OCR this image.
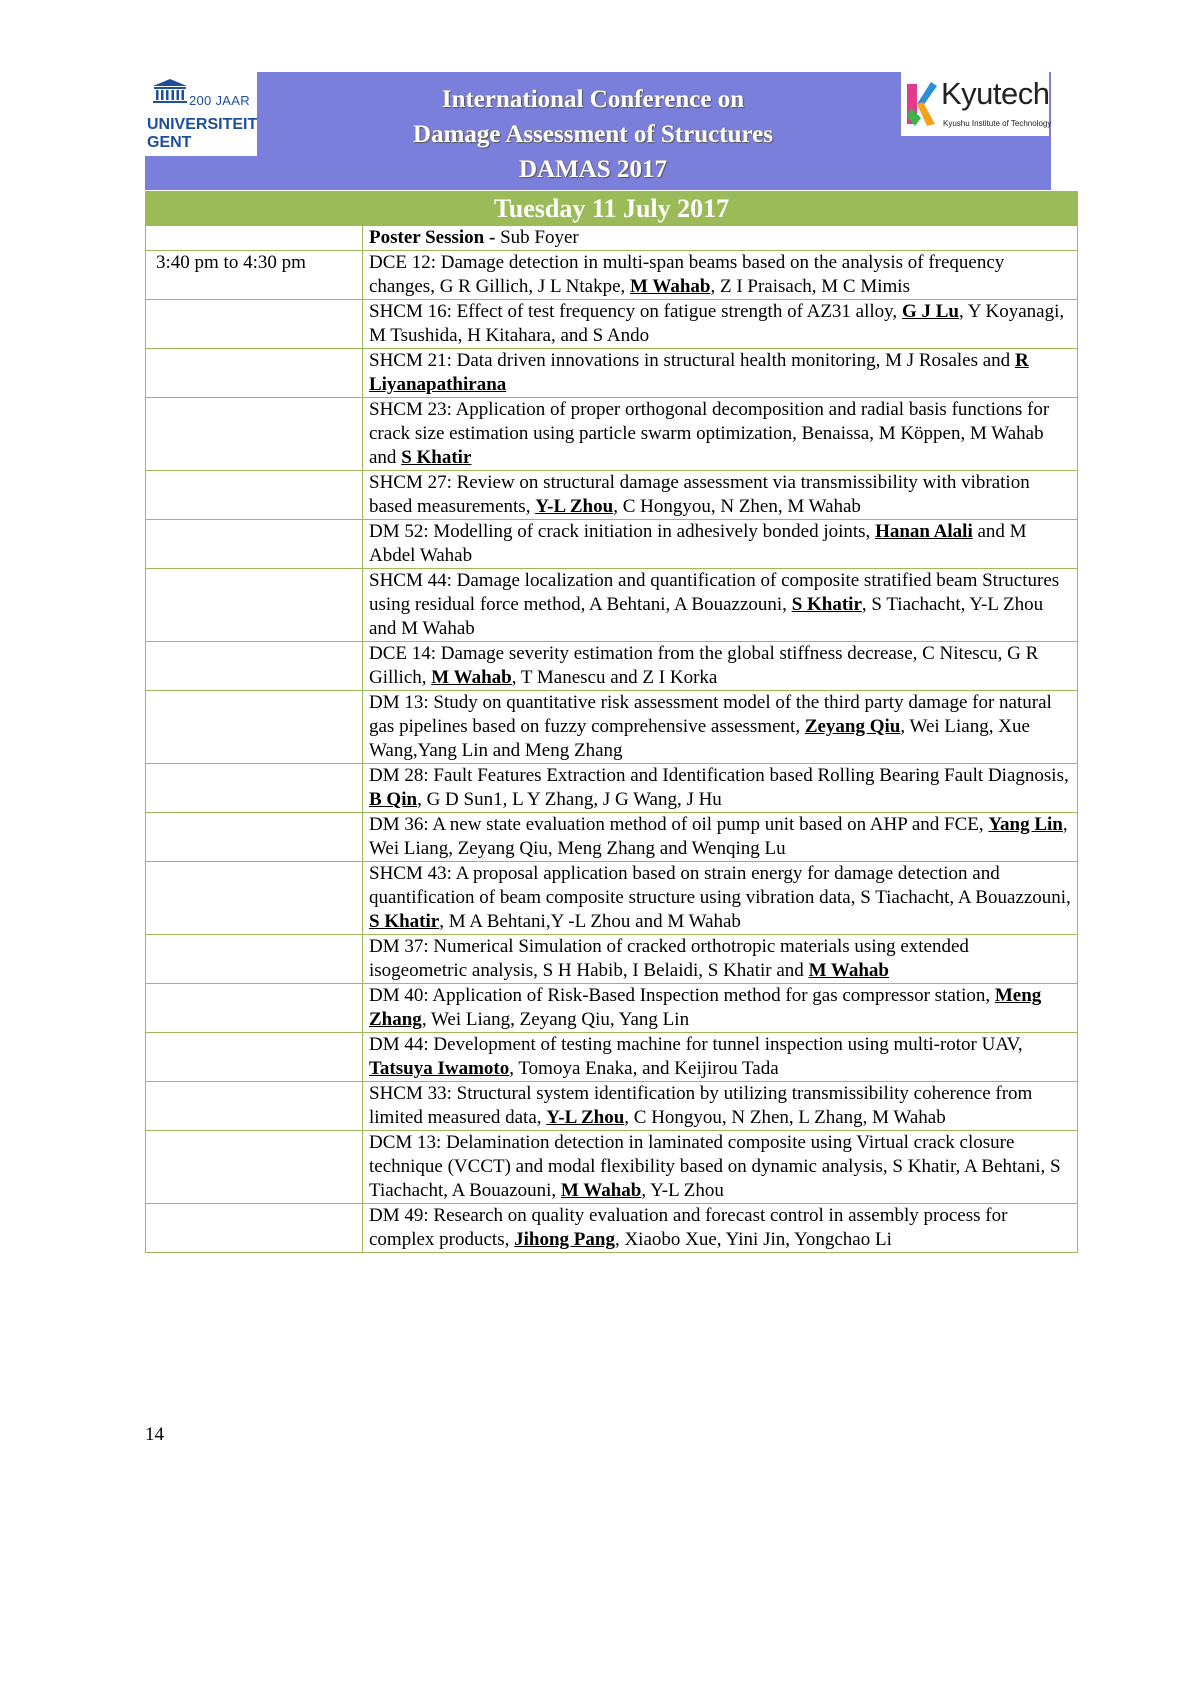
200 JAAR
UNIVERSITEIT
GENT
International Conference on
Damage Assessment of Structures
DAMAS 2017
Kyutech
Kyushu Institute of Technology
Tuesday 11 July 2017
	Poster Session - Sub Foyer
3:40 pm to 4:30 pm	DCE 12: Damage detection in multi-span beams based on the analysis of frequency changes, G R Gillich, J L Ntakpe, M Wahab, Z I Praisach, M C Mimis
	SHCM 16: Effect of test frequency on fatigue strength of AZ31 alloy, G J Lu, Y Koyanagi, M Tsushida, H Kitahara, and S Ando
	SHCM 21: Data driven innovations in structural health monitoring, M J Rosales and R Liyanapathirana
	SHCM 23: Application of proper orthogonal decomposition and radial basis functions for crack size estimation using particle swarm optimization, Benaissa, M Köppen, M Wahab and S Khatir
	SHCM 27: Review on structural damage assessment via transmissibility with vibration based measurements, Y-L Zhou, C Hongyou, N Zhen, M Wahab
	DM 52: Modelling of crack initiation in adhesively bonded joints, Hanan Alali and M Abdel Wahab
	SHCM 44: Damage localization and quantification of composite stratified beam Structures using residual force method, A Behtani, A Bouazzouni, S Khatir, S Tiachacht, Y-L Zhou and M Wahab
	DCE 14: Damage severity estimation from the global stiffness decrease, C Nitescu, G R Gillich, M Wahab, T Manescu and Z I Korka
	DM 13: Study on quantitative risk assessment model of the third party damage for natural gas pipelines based on fuzzy comprehensive assessment, Zeyang Qiu, Wei Liang, Xue Wang,Yang Lin and Meng Zhang
	DM 28: Fault Features Extraction and Identification based Rolling Bearing Fault Diagnosis, B Qin, G D Sun1, L Y Zhang, J G Wang, J Hu
	DM 36: A new state evaluation method of oil pump unit based on AHP and FCE, Yang Lin, Wei Liang, Zeyang Qiu, Meng Zhang and Wenqing Lu
	SHCM 43: A proposal application based on strain energy for damage detection and quantification of beam composite structure using vibration data, S Tiachacht, A Bouazzouni, S Khatir, M A Behtani,Y -L Zhou and M Wahab
	DM 37: Numerical Simulation of cracked orthotropic materials using extended isogeometric analysis, S H Habib, I Belaidi, S Khatir and M Wahab
	DM 40: Application of Risk-Based Inspection method for gas compressor station, Meng Zhang, Wei Liang, Zeyang Qiu, Yang Lin
	DM 44: Development of testing machine for tunnel inspection using multi-rotor UAV, Tatsuya Iwamoto, Tomoya Enaka, and Keijirou Tada
	SHCM 33: Structural system identification by utilizing transmissibility coherence from limited measured data, Y-L Zhou, C Hongyou, N Zhen, L Zhang, M Wahab
	DCM 13: Delamination detection in laminated composite using Virtual crack closure technique (VCCT) and modal flexibility based on dynamic analysis, S Khatir, A Behtani, S Tiachacht, A Bouazouni, M Wahab, Y-L Zhou
	DM 49: Research on quality evaluation and forecast control in assembly process for complex products, Jihong Pang, Xiaobo Xue, Yini Jin, Yongchao Li
14
